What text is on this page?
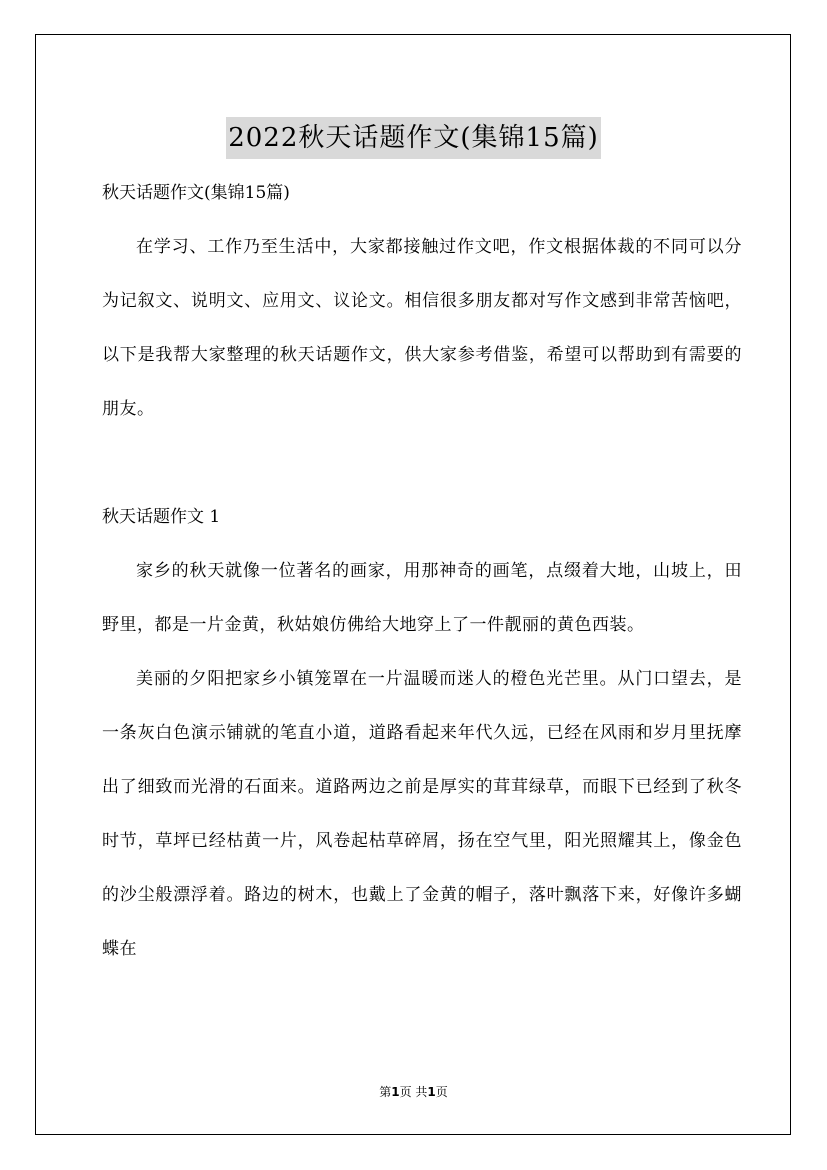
2022秋天话题作文(集锦15篇)

秋天话题作文(集锦15篇)

在学习、工作乃至生活中，大家都接触过作文吧，作文根据体裁的不同可以分为记叙文、说明文、应用文、议论文。相信很多朋友都对写作文感到非常苦恼吧，以下是我帮大家整理的秋天话题作文，供大家参考借鉴，希望可以帮助到有需要的朋友。

秋天话题作文 1

家乡的秋天就像一位著名的画家，用那神奇的画笔，点缀着大地，山坡上，田野里，都是一片金黄，秋姑娘仿佛给大地穿上了一件靓丽的黄色西装。

美丽的夕阳把家乡小镇笼罩在一片温暖而迷人的橙色光芒里。从门口望去，是一条灰白色演示铺就的笔直小道，道路看起来年代久远，已经在风雨和岁月里抚摩出了细致而光滑的石面来。道路两边之前是厚实的茸茸绿草，而眼下已经到了秋冬时节，草坪已经枯黄一片，风卷起枯草碎屑，扬在空气里，阳光照耀其上，像金色的沙尘般漂浮着。路边的树木，也戴上了金黄的帽子，落叶飘落下来，好像许多蝴蝶在

第1页 共1页
